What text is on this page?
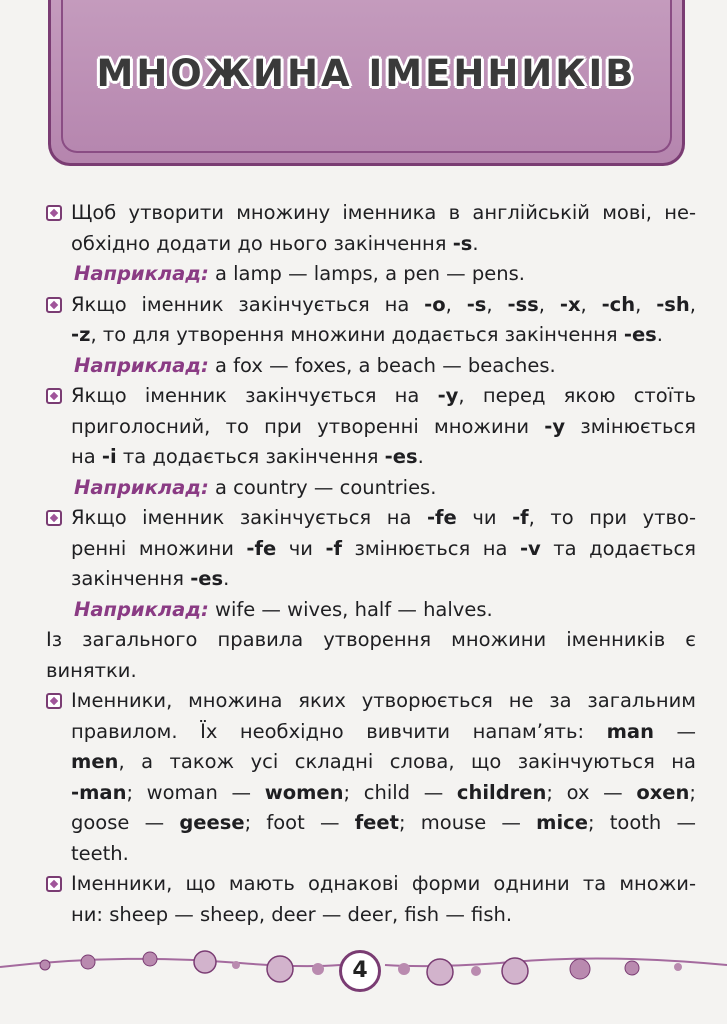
МНОЖИНА ІМЕННИКІВ
Щоб утворити множину іменника в англійській мові, не-
обхідно додати до нього закінчення -s.
Наприклад: a lamp — lamps, a pen — pens.
Якщо іменник закінчується на -o, -s, -ss, -x, -ch, -sh,
-z, то для утворення множини додається закінчення -es.
Наприклад: a fox — foxes, a beach — beaches.
Якщо іменник закінчується на -y, перед якою стоїть
приголосний, то при утворенні множини -y змінюється
на -i та додається закінчення -es.
Наприклад: a country — countries.
Якщо іменник закінчується на -fe чи -f, то при утво-
ренні множини -fe чи -f змінюється на -v та додається
закінчення -es.
Наприклад: wife — wives, half — halves.
Із загального правила утворення множини іменників є
винятки.
Іменники, множина яких утворюється не за загальним
правилом. Їх необхідно вивчити напам’ять: man —
men, а також усі складні слова, що закінчуються на
-man; woman — women; child — children; ox — oxen;
goose — geese; foot — feet; mouse — mice; tooth —
teeth.
Іменники, що мають однакові форми однини та множи-
ни: sheep — sheep, deer — deer, fish — fish.
4
